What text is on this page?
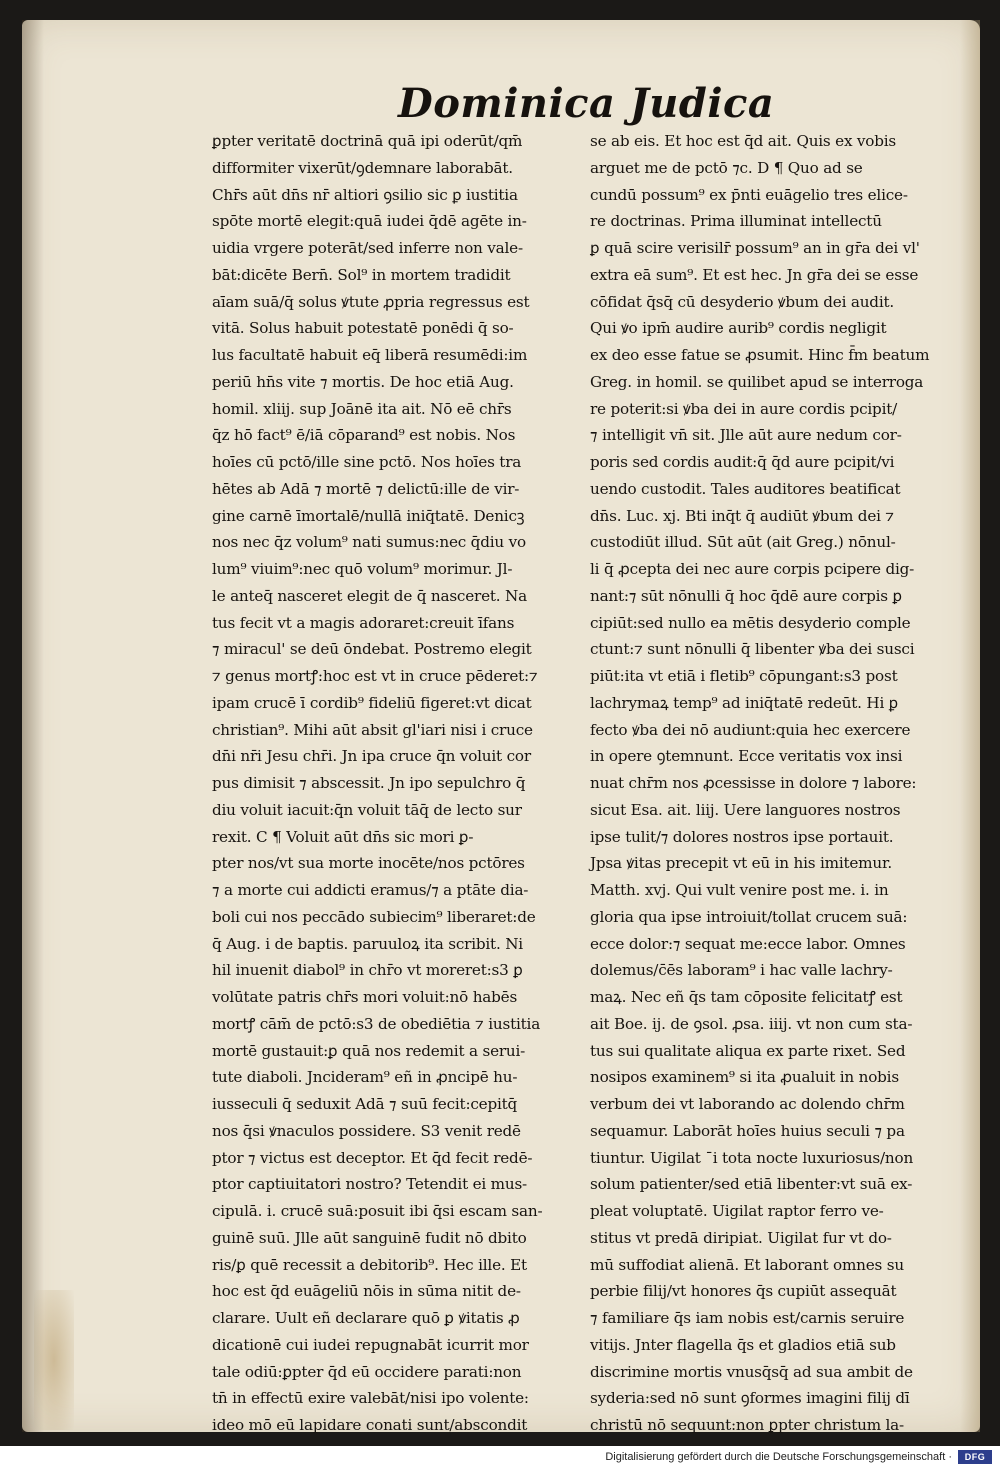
Dominica Judica
ꝑpter veritatē doctrinā quā ipi oderūt/qm̄
difformiter vixerūt/ꝯdemnare laborabāt.
Chr̄s aūt dn̄s nr̄ altiori ꝯsilio sic ꝑ iustitia
spōte mortē elegit:quā iudei q̄dē agēte in-
uidia vrgere poterāt/sed inferre non vale-
bāt:dicēte Bern̄. Sol⁹ in mortem tradidit
aīam suā/q̄ solus ꝟtute ꝓpria regressus est
vitā. Solus habuit potestatē ponēdi q̄ so-
lus facultatē habuit eq̄ liberā resumēdi:im
periū hn̄s vite ⁊ mortis. De hoc etiā Aug.
homil. xliij. sup Joānē ita ait. Nō eē chr̄s
q̄z hō fact⁹ ē/iā cōparand⁹ est nobis. Nos
hoīes cū pctō/ille sine pctō. Nos hoīes tra
hētes ab Adā ⁊ mortē ⁊ delictū:ille de vir-
gine carnē īmortalē/nullā iniq̄tatē. Denicꝫ
nos nec q̄z volum⁹ nati sumus:nec q̄diu vo
lum⁹ viuim⁹:nec quō volum⁹ morimur. Jl-
le anteq̄ nasceret elegit de q̄ nasceret. Na
tus fecit vt a magis adoraret:creuit īfans
⁊ miracul' se deū ōndebat. Postremo elegit
⁊ genus mortꝭ:hoc est vt in cruce pēderet:⁊
ipam crucē ī cordib⁹ fideliū figeret:vt dicat
christian⁹. Mihi aūt absit gl'iari nisi i cruce
dn̄i nr̄i Jesu chr̄i. Jn ipa cruce q̄n voluit cor
pus dimisit ⁊ abscessit. Jn ipo sepulchro q̄
diu voluit iacuit:q̄n voluit tāq̄ de lecto sur
rexit. C ¶ Voluit aūt dn̄s sic mori ꝑ-
pter nos/vt sua morte inocēte/nos pctōres
⁊ a morte cui addicti eramus/⁊ a ptāte dia-
boli cui nos peccādo subiecim⁹ liberaret:de
q̄ Aug. i de baptis. paruuloꝝ ita scribit. Ni
hil inuenit diabol⁹ in chr̄o vt moreret:s3 ꝑ
volūtate patris chr̄s mori voluit:nō habēs
mortꝭ cām̄ de pctō:s3 de obediētia ⁊ iustitia
mortē gustauit:ꝑ quā nos redemit a serui-
tute diaboli. Jncideram⁹ eñ in ꝓncipē hu-
iusseculi q̄ seduxit Adā ⁊ suū fecit:cepitq̄
nos q̄si ꝟnaculos possidere. S3 venit redē
ptor ⁊ victus est deceptor. Et q̄d fecit redē-
ptor captiuitatori nostro? Tetendit ei mus-
cipulā. i. crucē suā:posuit ibi q̄si escam san-
guinē suū. Jlle aūt sanguinē fudit nō dbito
ris/ꝑ quē recessit a debitorib⁹. Hec ille. Et
hoc est q̄d euāgeliū nōis in sūma nitit de-
clarare. Uult eñ declarare quō ꝑ ꝟitatis ꝓ
dicationē cui iudei repugnabāt icurrit mor
tale odiū:ꝑpter q̄d eū occidere parati:non
tn̄ in effectū exire valebāt/nisi ipo volente:
ideo mō eū lapidare conati sunt/abscondit
se ab eis. Et hoc est q̄d ait. Quis ex vobis
arguet me de pctō ⁊c. D ¶ Quo ad se
cundū possum⁹ ex p̄nti euāgelio tres elice-
re doctrinas. Prima illuminat intellectū
ꝑ quā scire verisilr̄ possum⁹ an in gr̄a dei vl'
extra eā sum⁹. Et est hec. Jn gr̄a dei se esse
cōfidat q̄sq̄ cū desyderio ꝟbum dei audit.
Qui ꝟo ipm̄ audire aurib⁹ cordis negligit
ex deo esse fatue se ꝓsumit. Hinc f̄m beatum
Greg. in homil. se quilibet apud se interroga
re poterit:si ꝟba dei in aure cordis pcipit/
⁊ intelligit vn̄ sit. Jlle aūt aure nedum cor-
poris sed cordis audit:q̄ q̄d aure pcipit/vi
uendo custodit. Tales auditores beatificat
dn̄s. Luc. xj. Bti inq̄t q̄ audiūt ꝟbum dei ⁊
custodiūt illud. Sūt aūt (ait Greg.) nōnul-
li q̄ ꝓcepta dei nec aure corpis pcipere dig-
nant:⁊ sūt nōnulli q̄ hoc q̄dē aure corpis ꝑ
cipiūt:sed nullo ea mētis desyderio comple
ctunt:⁊ sunt nōnulli q̄ libenter ꝟba dei susci
piūt:ita vt etiā i fletib⁹ cōpungant:s3 post
lachrymaꝝ temp⁹ ad iniq̄tatē redeūt. Hi ꝑ
fecto ꝟba dei nō audiunt:quia hec exercere
in opere ꝯtemnunt. Ecce veritatis vox insi
nuat chr̄m nos ꝓcessisse in dolore ⁊ labore:
sicut Esa. ait. liij. Uere languores nostros
ipse tulit/⁊ dolores nostros ipse portauit.
Jpsa ꝟitas precepit vt eū in his imitemur.
Matth. xvj. Qui vult venire post me. i. in
gloria qua ipse introiuit/tollat crucem suā:
ecce dolor:⁊ sequat me:ecce labor. Omnes
dolemus/c̄ēs laboram⁹ i hac valle lachry-
maꝝ. Nec eñ q̄s tam cōposite felicitatꝭ est
ait Boe. ij. de ꝯsol. ꝓsa. iiij. vt non cum sta-
tus sui qualitate aliqua ex parte rixet. Sed
nosipos examinem⁹ si ita ꝓualuit in nobis
verbum dei vt laborando ac dolendo chr̄m
sequamur. Laborāt hoīes huius seculi ⁊ pa
tiuntur. Uigilat ¯i tota nocte luxuriosus/non
solum patienter/sed etiā libenter:vt suā ex-
pleat voluptatē. Uigilat raptor ferro ve-
stitus vt predā diripiat. Uigilat fur vt do-
mū suffodiat alienā. Et laborant omnes su
perbie filij/vt honores q̄s cupiūt assequāt
⁊ familiare q̄s iam nobis est/carnis seruire
vitijs. Jnter flagella q̄s et gladios etiā sub
discrimine mortis vnusq̄sq̄ ad sua ambit de
syderia:sed nō sunt ꝯformes imagini filij dī
christū nō sequunt:non ꝑpter christum la-
Digitalisierung gefördert durch die Deutsche Forschungsgemeinschaft ·	DFG
